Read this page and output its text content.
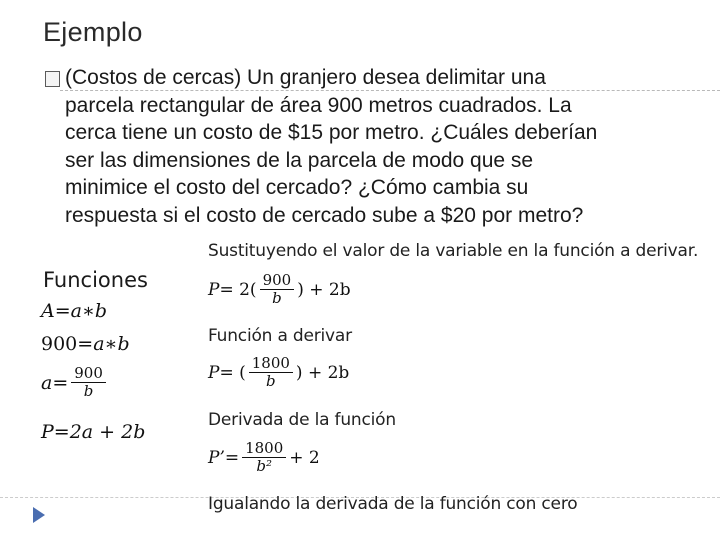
Ejemplo
(Costos de cercas) Un granjero desea delimitar una
parcela rectangular de área 900 metros cuadrados. La
cerca tiene un costo de $15 por metro. ¿Cuáles deberían
ser las dimensiones de la parcela de modo que se
minimice el costo del cercado? ¿Cómo cambia su
respuesta si el costo de cercado sube a $20 por metro?
Funciones
A = a ∗ b
900 = a ∗ b
$a = \frac{900}{b}$
P = 2a + 2b
Sustituyendo el valor de la variable en la función a derivar.
$P = 2( \frac{900}{b}$ ) + 2b
Función a derivar
P = ( $\frac{1800}{b}$ ) + 2b
Derivada de la función
P’ = $\frac{1800}{\text{b²}} + 2$
Igualando la derivada de la función con cero
